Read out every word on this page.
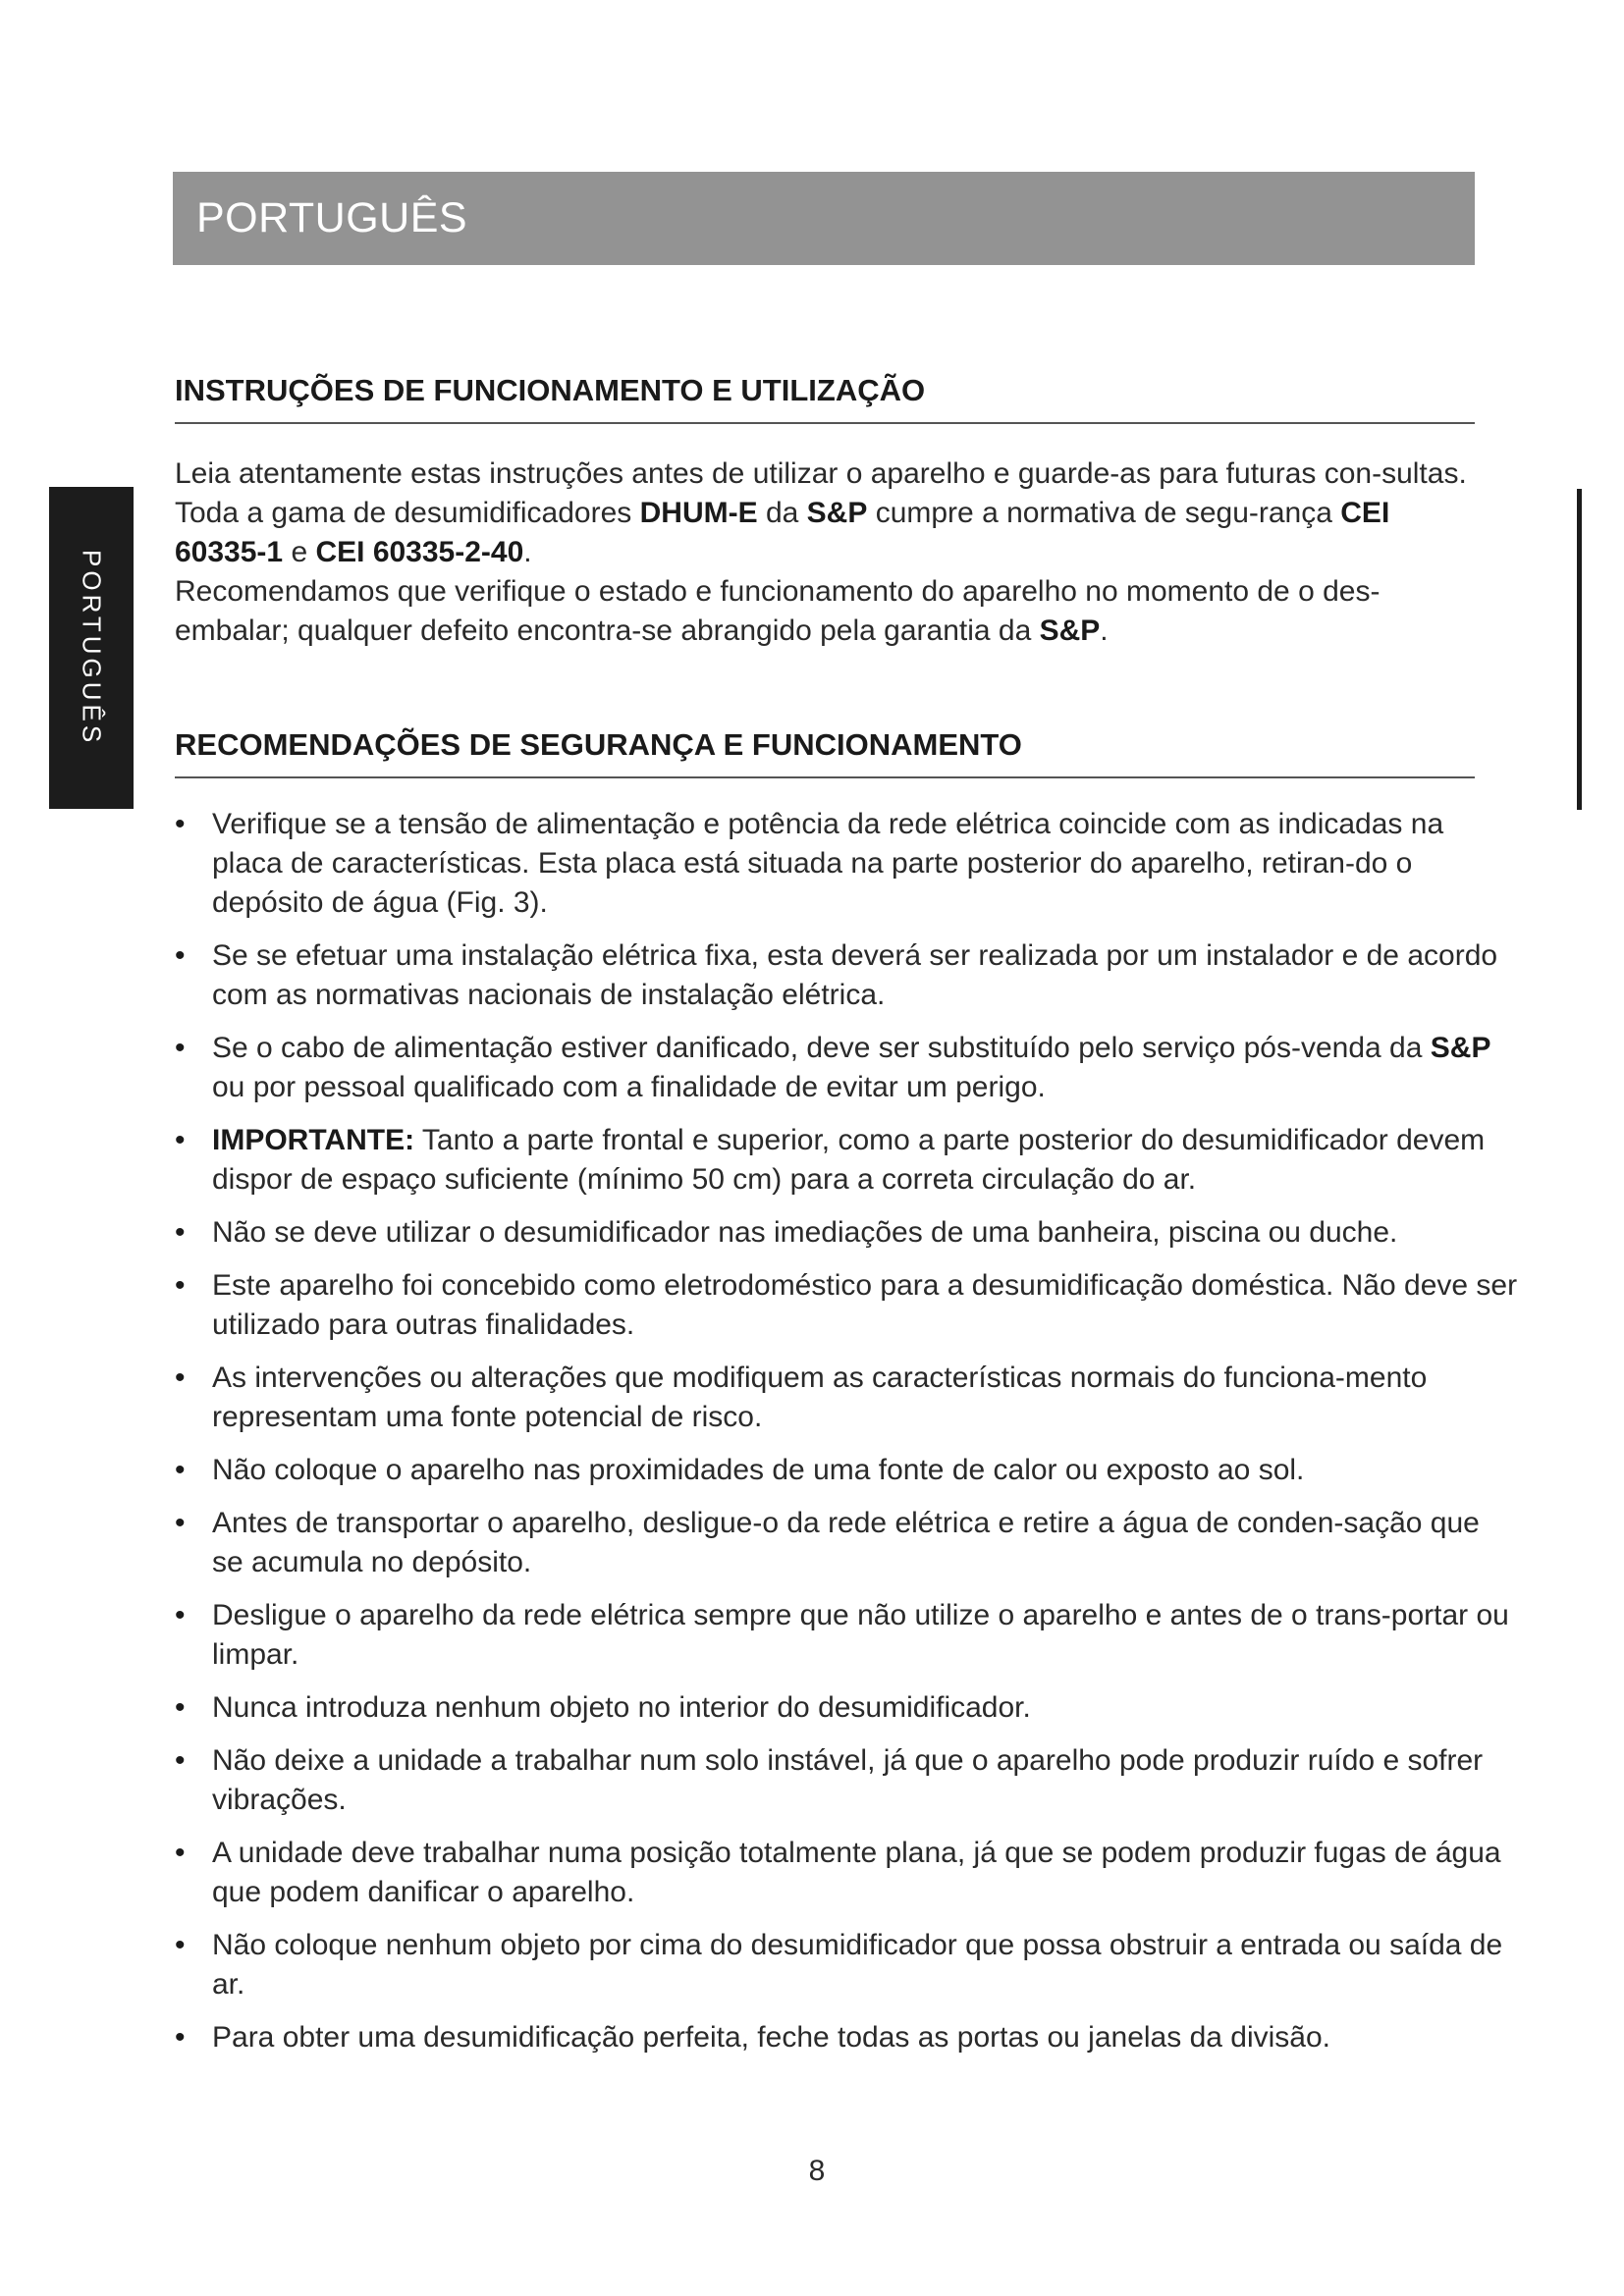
PORTUGUÊS
PORTUGUÊS
INSTRUÇÕES DE FUNCIONAMENTO E UTILIZAÇÃO

Leia atentamente estas instruções antes de utilizar o aparelho e guarde-as para futuras con-sultas. Toda a gama de desumidificadores DHUM-E da S&P cumpre a normativa de segu-rança CEI 60335-1 e CEI 60335-2-40.

Recomendamos que verifique o estado e funcionamento do aparelho no momento de o des-embalar; qualquer defeito encontra-se abrangido pela garantia da S&P.

RECOMENDAÇÕES DE SEGURANÇA E FUNCIONAMENTO
• Verifique se a tensão de alimentação e potência da rede elétrica coincide com as indicadas na placa de características. Esta placa está situada na parte posterior do aparelho, retiran-do o depósito de água (Fig. 3).
• Se se efetuar uma instalação elétrica fixa, esta deverá ser realizada por um instalador e de acordo com as normativas nacionais de instalação elétrica.
• Se o cabo de alimentação estiver danificado, deve ser substituído pelo serviço pós-venda da S&P ou por pessoal qualificado com a finalidade de evitar um perigo.
• IMPORTANTE: Tanto a parte frontal e superior, como a parte posterior do desumidificador devem dispor de espaço suficiente (mínimo 50 cm) para a correta circulação do ar.
• Não se deve utilizar o desumidificador nas imediações de uma banheira, piscina ou duche.
• Este aparelho foi concebido como eletrodoméstico para a desumidificação doméstica. Não deve ser utilizado para outras finalidades.
• As intervenções ou alterações que modifiquem as características normais do funciona-mento representam uma fonte potencial de risco.
• Não coloque o aparelho nas proximidades de uma fonte de calor ou exposto ao sol.
• Antes de transportar o aparelho, desligue-o da rede elétrica e retire a água de conden-sação que se acumula no depósito.
• Desligue o aparelho da rede elétrica sempre que não utilize o aparelho e antes de o trans-portar ou limpar.
• Nunca introduza nenhum objeto no interior do desumidificador.
• Não deixe a unidade a trabalhar num solo instável, já que o aparelho pode produzir ruído e sofrer vibrações.
• A unidade deve trabalhar numa posição totalmente plana, já que se podem produzir fugas de água que podem danificar o aparelho.
• Não coloque nenhum objeto por cima do desumidificador que possa obstruir a entrada ou saída de ar.
• Para obter uma desumidificação perfeita, feche todas as portas ou janelas da divisão.
8
